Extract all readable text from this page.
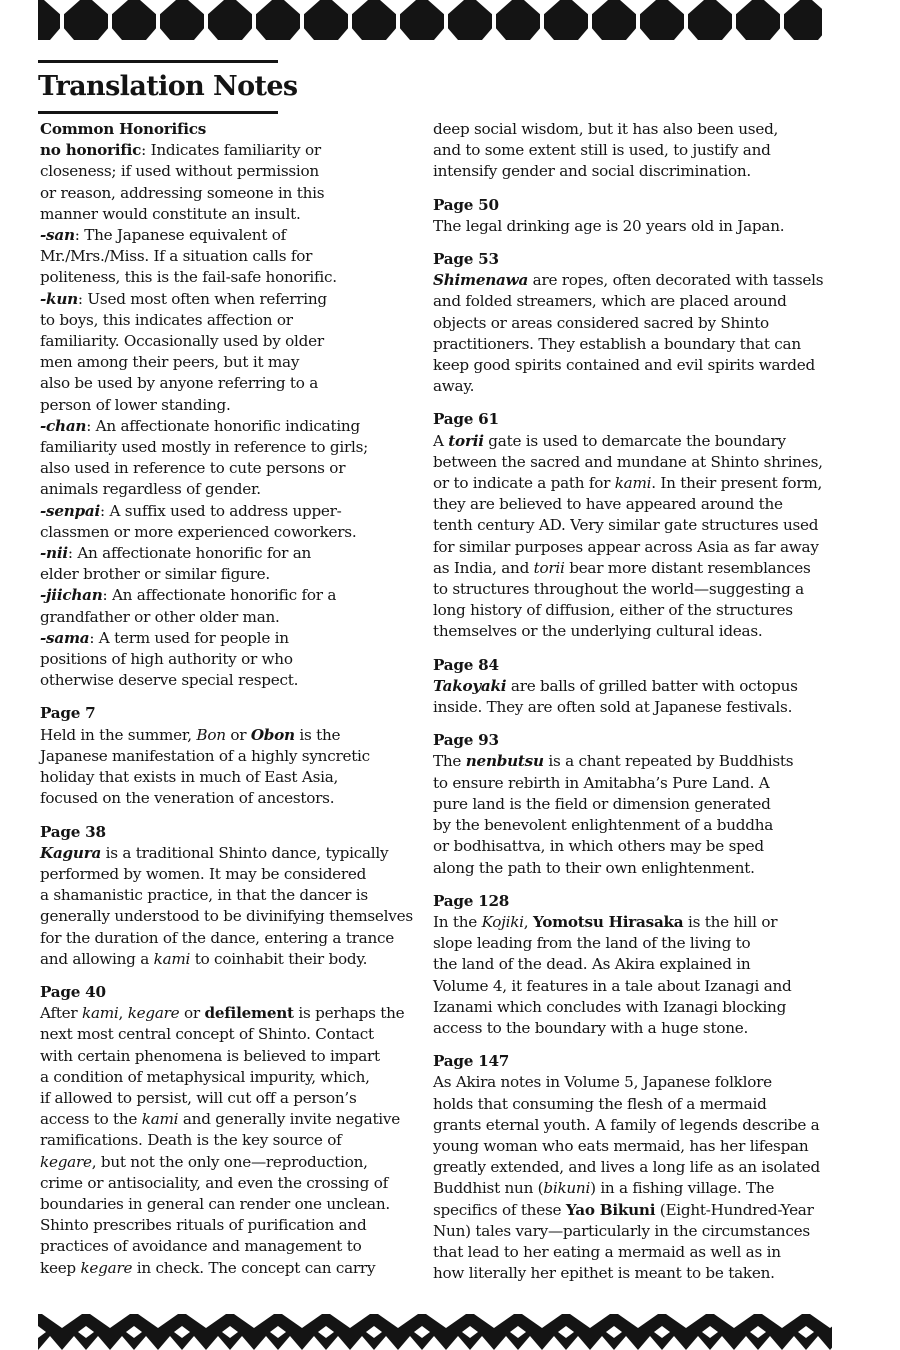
Translation Notes
Common Honorifics
no honorific: Indicates familiarity or
closeness; if used without permission
or reason, addressing someone in this
manner would constitute an insult.
-san: The Japanese equivalent of
Mr./Mrs./Miss. If a situation calls for
politeness, this is the fail-safe honorific.
-kun: Used most often when referring
to boys, this indicates affection or
familiarity. Occasionally used by older
men among their peers, but it may
also be used by anyone referring to a
person of lower standing.
-chan: An affectionate honorific indicating
familiarity used mostly in reference to girls;
also used in reference to cute persons or
animals regardless of gender.
-senpai: A suffix used to address upper-
classmen or more experienced coworkers.
-nii: An affectionate honorific for an
elder brother or similar figure.
-jiichan: An affectionate honorific for a
grandfather or other older man.
-sama: A term used for people in
positions of high authority or who
otherwise deserve special respect.
Page 7
Held in the summer, Bon or Obon is the
Japanese manifestation of a highly syncretic
holiday that exists in much of East Asia,
focused on the veneration of ancestors.
Page 38
Kagura is a traditional Shinto dance, typically
performed by women. It may be considered
a shamanistic practice, in that the dancer is
generally understood to be divinifying themselves
for the duration of the dance, entering a trance
and allowing a kami to coinhabit their body.
Page 40
After kami, kegare or defilement is perhaps the
next most central concept of Shinto. Contact
with certain phenomena is believed to impart
a condition of metaphysical impurity, which,
if allowed to persist, will cut off a person’s
access to the kami and generally invite negative
ramifications. Death is the key source of
kegare, but not the only one—reproduction,
crime or antisociality, and even the crossing of
boundaries in general can render one unclean.
Shinto prescribes rituals of purification and
practices of avoidance and management to
keep kegare in check. The concept can carry
deep social wisdom, but it has also been used,
and to some extent still is used, to justify and
intensify gender and social discrimination.
Page 50
The legal drinking age is 20 years old in Japan.
Page 53
Shimenawa are ropes, often decorated with tassels
and folded streamers, which are placed around
objects or areas considered sacred by Shinto
practitioners. They establish a boundary that can
keep good spirits contained and evil spirits warded
away.
Page 61
A torii gate is used to demarcate the boundary
between the sacred and mundane at Shinto shrines,
or to indicate a path for kami. In their present form,
they are believed to have appeared around the
tenth century AD. Very similar gate structures used
for similar purposes appear across Asia as far away
as India, and torii bear more distant resemblances
to structures throughout the world—suggesting a
long history of diffusion, either of the structures
themselves or the underlying cultural ideas.
Page 84
Takoyaki are balls of grilled batter with octopus
inside. They are often sold at Japanese festivals.
Page 93
The nenbutsu is a chant repeated by Buddhists
to ensure rebirth in Amitabha’s Pure Land. A
pure land is the field or dimension generated
by the benevolent enlightenment of a buddha
or bodhisattva, in which others may be sped
along the path to their own enlightenment.
Page 128
In the Kojiki, Yomotsu Hirasaka is the hill or
slope leading from the land of the living to
the land of the dead. As Akira explained in
Volume 4, it features in a tale about Izanagi and
Izanami which concludes with Izanagi blocking
access to the boundary with a huge stone.
Page 147
As Akira notes in Volume 5, Japanese folklore
holds that consuming the flesh of a mermaid
grants eternal youth. A family of legends describe a
young woman who eats mermaid, has her lifespan
greatly extended, and lives a long life as an isolated
Buddhist nun (bikuni) in a fishing village. The
specifics of these Yao Bikuni (Eight-Hundred-Year
Nun) tales vary—particularly in the circumstances
that lead to her eating a mermaid as well as in
how literally her epithet is meant to be taken.
